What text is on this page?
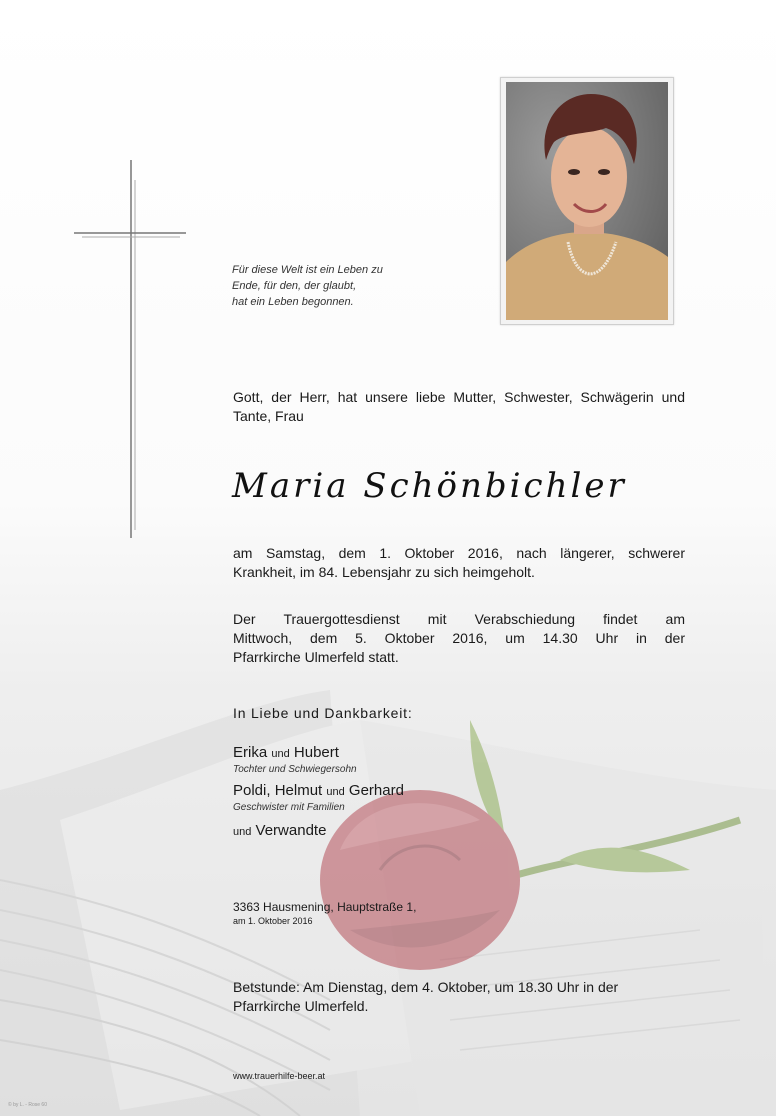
Für diese Welt ist ein Leben zu
Ende, für den, der glaubt,
hat ein Leben begonnen.
Gott, der Herr, hat unsere liebe Mutter, Schwester, Schwägerin und Tante, Frau
Maria Schönbichler
am Samstag, dem 1. Oktober 2016, nach längerer, schwerer
Krankheit, im 84. Lebensjahr zu sich heimgeholt.
Der Trauergottesdienst mit Verabschiedung findet am
Mittwoch, dem 5. Oktober 2016, um 14.30 Uhr in der
Pfarrkirche Ulmerfeld statt.
In Liebe und Dankbarkeit:
Erika und Hubert
Tochter und Schwiegersohn
Poldi, Helmut und Gerhard
Geschwister mit Familien
und Verwandte
3363 Hausmening, Hauptstraße 1,
am 1. Oktober 2016
Betstunde: Am Dienstag, dem 4. Oktober, um 18.30 Uhr in der
Pfarrkirche Ulmerfeld.
www.trauerhilfe-beer.at
© by L. - Rose 60
